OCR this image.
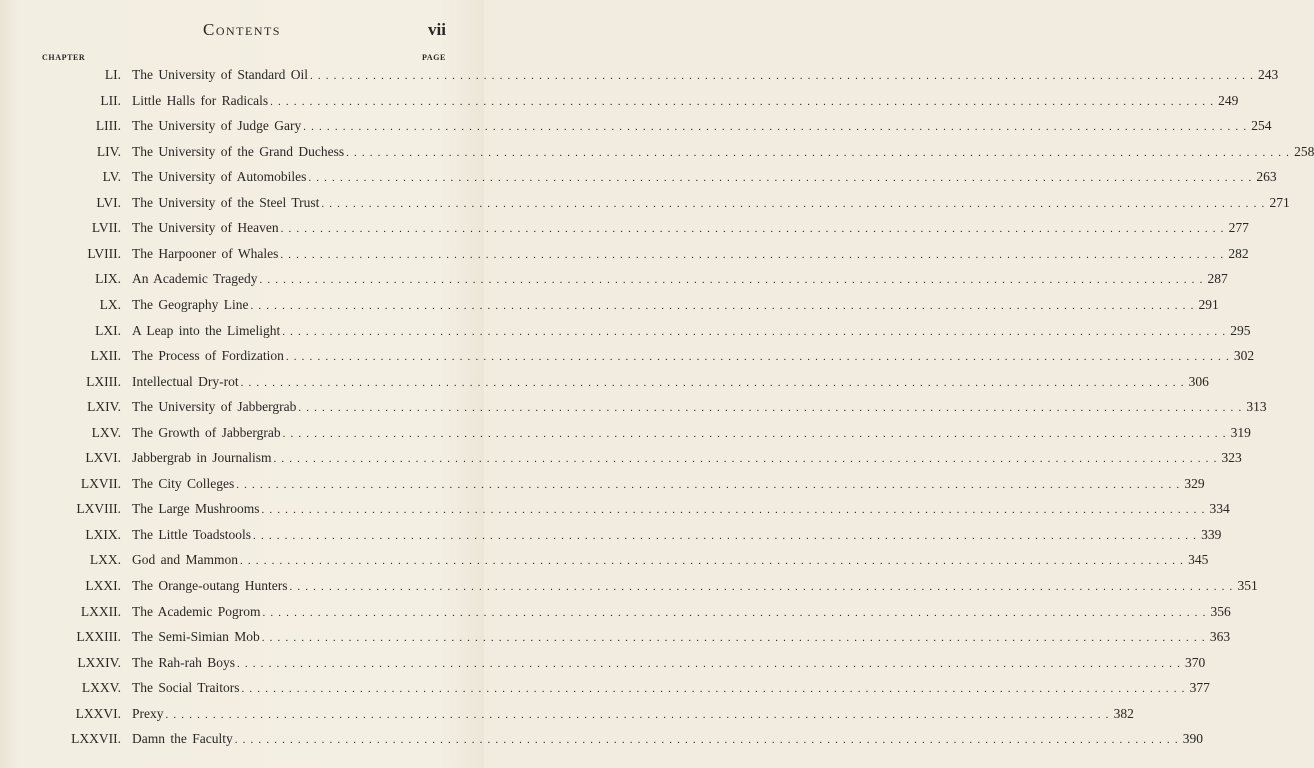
Contents	vii
CHAPTER	PAGE
LI. The University of Standard Oil . . . . . . . . . . . . . . . . . . . . . . . . . . . . . . . . . . . . . . . . . . . . . . . . . . . . . . . . . . . . . . . . . . . . . . . . . . . . . . . . . . . . . . . . . . . . . . . . . . . . . . . . . . . . . . . . . . . . . . . . 243
LII. Little Halls for Radicals . . . . . . . . . . . . . . . . . . . . . . . . . . . . . . . . . . . . . . . . . . . . . . . . . . . . . . . . . . . . . . . . . . . . . . . . . . . . . . . . . . . . . . . . . . . . . . . . . . . . . . . . . . . . . . . . . . . . . . . . 249
LIII. The University of Judge Gary . . . . . . . . . . . . . . . . . . . . . . . . . . . . . . . . . . . . . . . . . . . . . . . . . . . . . . . . . . . . . . . . . . . . . . . . . . . . . . . . . . . . . . . . . . . . . . . . . . . . . . . . . . . . . . . . . . . . . . . . 254
LIV. The University of the Grand Duchess . . . . . . . . . . . . . . . . . . . . . . . . . . . . . . . . . . . . . . . . . . . . . . . . . . . . . . . . . . . . . . . . . . . . . . . . . . . . . . . . . . . . . . . . . . . . . . . . . . . . . . . . . . . . . . . . . . . . . . . . 258
LV. The University of Automobiles . . . . . . . . . . . . . . . . . . . . . . . . . . . . . . . . . . . . . . . . . . . . . . . . . . . . . . . . . . . . . . . . . . . . . . . . . . . . . . . . . . . . . . . . . . . . . . . . . . . . . . . . . . . . . . . . . . . . . . . . 263
LVI. The University of the Steel Trust . . . . . . . . . . . . . . . . . . . . . . . . . . . . . . . . . . . . . . . . . . . . . . . . . . . . . . . . . . . . . . . . . . . . . . . . . . . . . . . . . . . . . . . . . . . . . . . . . . . . . . . . . . . . . . . . . . . . . . . . 271
LVII. The University of Heaven . . . . . . . . . . . . . . . . . . . . . . . . . . . . . . . . . . . . . . . . . . . . . . . . . . . . . . . . . . . . . . . . . . . . . . . . . . . . . . . . . . . . . . . . . . . . . . . . . . . . . . . . . . . . . . . . . . . . . . . . 277
LVIII. The Harpooner of Whales . . . . . . . . . . . . . . . . . . . . . . . . . . . . . . . . . . . . . . . . . . . . . . . . . . . . . . . . . . . . . . . . . . . . . . . . . . . . . . . . . . . . . . . . . . . . . . . . . . . . . . . . . . . . . . . . . . . . . . . . 282
LIX. An Academic Tragedy . . . . . . . . . . . . . . . . . . . . . . . . . . . . . . . . . . . . . . . . . . . . . . . . . . . . . . . . . . . . . . . . . . . . . . . . . . . . . . . . . . . . . . . . . . . . . . . . . . . . . . . . . . . . . . . . . . . . . . . . 287
LX. The Geography Line . . . . . . . . . . . . . . . . . . . . . . . . . . . . . . . . . . . . . . . . . . . . . . . . . . . . . . . . . . . . . . . . . . . . . . . . . . . . . . . . . . . . . . . . . . . . . . . . . . . . . . . . . . . . . . . . . . . . . . . . 291
LXI. A Leap into the Limelight . . . . . . . . . . . . . . . . . . . . . . . . . . . . . . . . . . . . . . . . . . . . . . . . . . . . . . . . . . . . . . . . . . . . . . . . . . . . . . . . . . . . . . . . . . . . . . . . . . . . . . . . . . . . . . . . . . . . . . . . 295
LXII. The Process of Fordization . . . . . . . . . . . . . . . . . . . . . . . . . . . . . . . . . . . . . . . . . . . . . . . . . . . . . . . . . . . . . . . . . . . . . . . . . . . . . . . . . . . . . . . . . . . . . . . . . . . . . . . . . . . . . . . . . . . . . . . . 302
LXIII. Intellectual Dry-rot . . . . . . . . . . . . . . . . . . . . . . . . . . . . . . . . . . . . . . . . . . . . . . . . . . . . . . . . . . . . . . . . . . . . . . . . . . . . . . . . . . . . . . . . . . . . . . . . . . . . . . . . . . . . . . . . . . . . . . . . 306
LXIV. The University of Jabbergrab . . . . . . . . . . . . . . . . . . . . . . . . . . . . . . . . . . . . . . . . . . . . . . . . . . . . . . . . . . . . . . . . . . . . . . . . . . . . . . . . . . . . . . . . . . . . . . . . . . . . . . . . . . . . . . . . . . . . . . . . 313
LXV. The Growth of Jabbergrab . . . . . . . . . . . . . . . . . . . . . . . . . . . . . . . . . . . . . . . . . . . . . . . . . . . . . . . . . . . . . . . . . . . . . . . . . . . . . . . . . . . . . . . . . . . . . . . . . . . . . . . . . . . . . . . . . . . . . . . . 319
LXVI. Jabbergrab in Journalism . . . . . . . . . . . . . . . . . . . . . . . . . . . . . . . . . . . . . . . . . . . . . . . . . . . . . . . . . . . . . . . . . . . . . . . . . . . . . . . . . . . . . . . . . . . . . . . . . . . . . . . . . . . . . . . . . . . . . . . . 323
LXVII. The City Colleges . . . . . . . . . . . . . . . . . . . . . . . . . . . . . . . . . . . . . . . . . . . . . . . . . . . . . . . . . . . . . . . . . . . . . . . . . . . . . . . . . . . . . . . . . . . . . . . . . . . . . . . . . . . . . . . . . . . . . . . . 329
LXVIII. The Large Mushrooms . . . . . . . . . . . . . . . . . . . . . . . . . . . . . . . . . . . . . . . . . . . . . . . . . . . . . . . . . . . . . . . . . . . . . . . . . . . . . . . . . . . . . . . . . . . . . . . . . . . . . . . . . . . . . . . . . . . . . . . . 334
LXIX. The Little Toadstools . . . . . . . . . . . . . . . . . . . . . . . . . . . . . . . . . . . . . . . . . . . . . . . . . . . . . . . . . . . . . . . . . . . . . . . . . . . . . . . . . . . . . . . . . . . . . . . . . . . . . . . . . . . . . . . . . . . . . . . . 339
LXX. God and Mammon . . . . . . . . . . . . . . . . . . . . . . . . . . . . . . . . . . . . . . . . . . . . . . . . . . . . . . . . . . . . . . . . . . . . . . . . . . . . . . . . . . . . . . . . . . . . . . . . . . . . . . . . . . . . . . . . . . . . . . . . 345
LXXI. The Orange-outang Hunters . . . . . . . . . . . . . . . . . . . . . . . . . . . . . . . . . . . . . . . . . . . . . . . . . . . . . . . . . . . . . . . . . . . . . . . . . . . . . . . . . . . . . . . . . . . . . . . . . . . . . . . . . . . . . . . . . . . . . . . . 351
LXXII. The Academic Pogrom . . . . . . . . . . . . . . . . . . . . . . . . . . . . . . . . . . . . . . . . . . . . . . . . . . . . . . . . . . . . . . . . . . . . . . . . . . . . . . . . . . . . . . . . . . . . . . . . . . . . . . . . . . . . . . . . . . . . . . . . 356
LXXIII. The Semi-Simian Mob . . . . . . . . . . . . . . . . . . . . . . . . . . . . . . . . . . . . . . . . . . . . . . . . . . . . . . . . . . . . . . . . . . . . . . . . . . . . . . . . . . . . . . . . . . . . . . . . . . . . . . . . . . . . . . . . . . . . . . . . 363
LXXIV. The Rah-rah Boys . . . . . . . . . . . . . . . . . . . . . . . . . . . . . . . . . . . . . . . . . . . . . . . . . . . . . . . . . . . . . . . . . . . . . . . . . . . . . . . . . . . . . . . . . . . . . . . . . . . . . . . . . . . . . . . . . . . . . . . . 370
LXXV. The Social Traitors . . . . . . . . . . . . . . . . . . . . . . . . . . . . . . . . . . . . . . . . . . . . . . . . . . . . . . . . . . . . . . . . . . . . . . . . . . . . . . . . . . . . . . . . . . . . . . . . . . . . . . . . . . . . . . . . . . . . . . . . 377
LXXVI. Prexy . . . . . . . . . . . . . . . . . . . . . . . . . . . . . . . . . . . . . . . . . . . . . . . . . . . . . . . . . . . . . . . . . . . . . . . . . . . . . . . . . . . . . . . . . . . . . . . . . . . . . . . . . . . . . . . . . . . . . . . . 382
LXXVII. Damn the Faculty . . . . . . . . . . . . . . . . . . . . . . . . . . . . . . . . . . . . . . . . . . . . . . . . . . . . . . . . . . . . . . . . . . . . . . . . . . . . . . . . . . . . . . . . . . . . . . . . . . . . . . . . . . . . . . . . . . . . . . . . 390
